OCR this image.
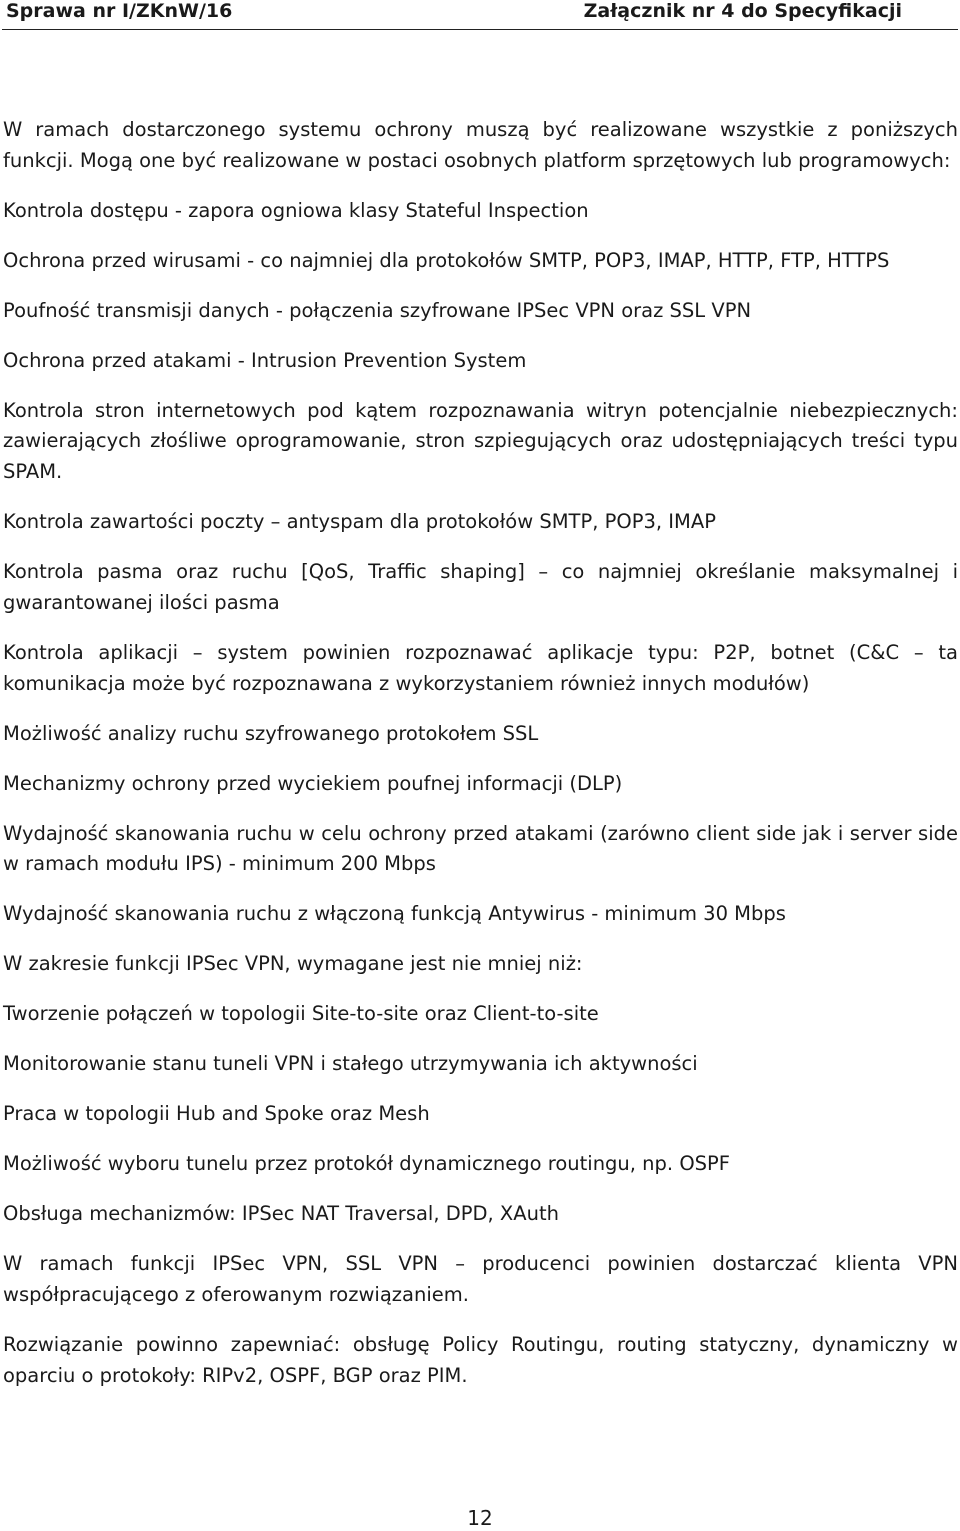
Sprawa nr I/ZKnW/16	Załącznik nr 4 do Specyfikacji

W ramach dostarczonego systemu ochrony muszą być realizowane wszystkie z poniższych funkcji. Mogą one być realizowane w postaci osobnych platform sprzętowych lub programowych:

Kontrola dostępu - zapora ogniowa klasy Stateful Inspection

Ochrona przed wirusami - co najmniej dla protokołów SMTP, POP3, IMAP, HTTP, FTP, HTTPS

Poufność transmisji danych - połączenia szyfrowane IPSec VPN oraz SSL VPN

Ochrona przed atakami - Intrusion Prevention System

Kontrola stron internetowych pod kątem rozpoznawania witryn potencjalnie niebezpiecznych: zawierających złośliwe oprogramowanie, stron szpiegujących oraz udostępniających treści typu SPAM.

Kontrola zawartości poczty – antyspam dla protokołów SMTP, POP3, IMAP

Kontrola pasma oraz ruchu [QoS, Traffic shaping] – co najmniej określanie maksymalnej i gwarantowanej ilości pasma

Kontrola aplikacji – system powinien rozpoznawać aplikacje typu: P2P, botnet (C&C – ta komunikacja może być rozpoznawana z wykorzystaniem również innych modułów)

Możliwość analizy ruchu szyfrowanego protokołem SSL

Mechanizmy ochrony przed wyciekiem poufnej informacji (DLP)

Wydajność skanowania ruchu w celu ochrony przed atakami (zarówno client side jak i server side w ramach modułu IPS) - minimum 200 Mbps

Wydajność skanowania ruchu z włączoną funkcją Antywirus - minimum 30 Mbps

W zakresie funkcji IPSec VPN, wymagane jest nie mniej niż:

Tworzenie połączeń w topologii Site-to-site oraz Client-to-site

Monitorowanie stanu tuneli VPN i stałego utrzymywania ich aktywności

Praca w topologii Hub and Spoke oraz Mesh

Możliwość wyboru tunelu przez protokół dynamicznego routingu, np. OSPF

Obsługa mechanizmów: IPSec NAT Traversal, DPD, XAuth

W ramach funkcji IPSec VPN, SSL VPN – producenci powinien dostarczać klienta VPN współpracującego z oferowanym rozwiązaniem.

Rozwiązanie powinno zapewniać: obsługę Policy Routingu, routing statyczny, dynamiczny w oparciu o protokoły: RIPv2, OSPF, BGP oraz PIM.

12
